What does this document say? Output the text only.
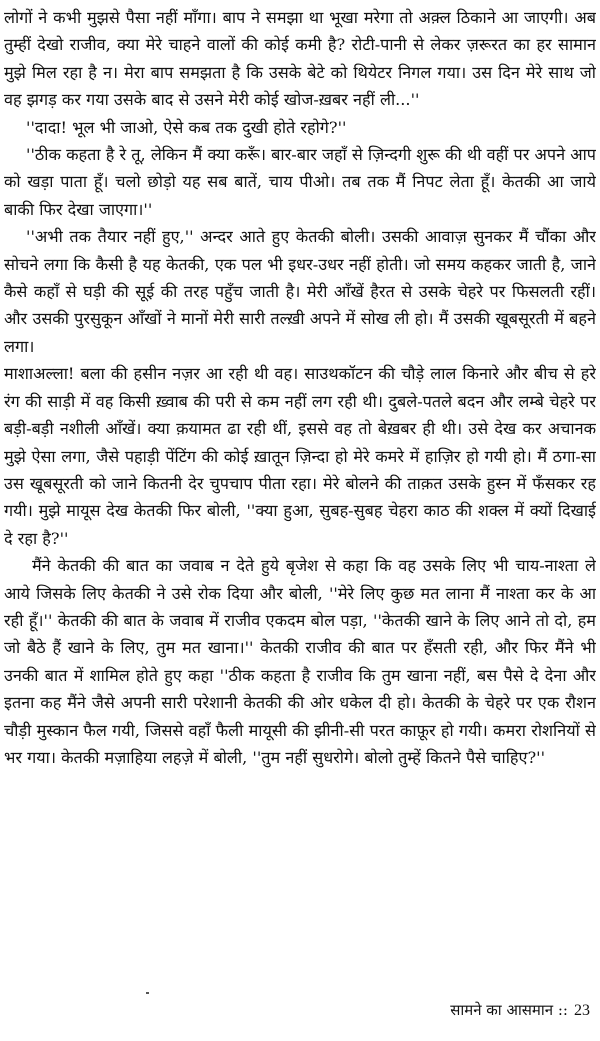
लोगों ने कभी मुझसे पैसा नहीं माँगा। बाप ने समझा था भूखा मरेगा तो अक़्ल ठिकाने आ जाएगी। अब तुम्हीं देखो राजीव, क्या मेरे चाहने वालों की कोई कमी है? रोटी-पानी से लेकर ज़रूरत का हर सामान मुझे मिल रहा है न। मेरा बाप समझता है कि उसके बेटे को थियेटर निगल गया। उस दिन मेरे साथ जो वह झगड़ कर गया उसके बाद से उसने मेरी कोई खोज-ख़बर नहीं ली...''

''दादा! भूल भी जाओ, ऐसे कब तक दुखी होते रहोगे?''

''ठीक कहता है रे तू, लेकिन मैं क्या करूँ। बार-बार जहाँ से ज़िन्दगी शुरू की थी वहीं पर अपने आप को खड़ा पाता हूँ। चलो छोड़ो यह सब बातें, चाय पीओ। तब तक मैं निपट लेता हूँ। केतकी आ जाये बाकी फिर देखा जाएगा।''

''अभी तक तैयार नहीं हुए,'' अन्दर आते हुए केतकी बोली। उसकी आवाज़ सुनकर मैं चौंका और सोचने लगा कि कैसी है यह केतकी, एक पल भी इधर-उधर नहीं होती। जो समय कहकर जाती है, जाने कैसे कहाँ से घड़ी की सूई की तरह पहुँच जाती है। मेरी आँखें हैरत से उसके चेहरे पर फिसलती रहीं। और उसकी पुरसुकून आँखों ने मानों मेरी सारी तल्ख़ी अपने में सोख ली हो। मैं उसकी खूबसूरती में बहने लगा।

माशाअल्ला! बला की हसीन नज़र आ रही थी वह। साउथकॉटन की चौड़े लाल किनारे और बीच से हरे रंग की साड़ी में वह किसी ख़्वाब की परी से कम नहीं लग रही थी। दुबले-पतले बदन और लम्बे चेहरे पर बड़ी-बड़ी नशीली आँखें। क्या क़यामत ढा रही थीं, इससे वह तो बेख़बर ही थी। उसे देख कर अचानक मुझे ऐसा लगा, जैसे पहाड़ी पेंटिंग की कोई ख़ातून ज़िन्दा हो मेरे कमरे में हाज़िर हो गयी हो। मैं ठगा-सा उस खूबसूरती को जाने कितनी देर चुपचाप पीता रहा। मेरे बोलने की ताक़त उसके हुस्न में फँसकर रह गयी। मुझे मायूस देख केतकी फिर बोली, ''क्या हुआ, सुबह-सुबह चेहरा काठ की शक्ल में क्यों दिखाई दे रहा है?''

मैंने केतकी की बात का जवाब न देते हुये बृजेश से कहा कि वह उसके लिए भी चाय-नाश्ता ले आये जिसके लिए केतकी ने उसे रोक दिया और बोली, ''मेरे लिए कुछ मत लाना मैं नाश्ता कर के आ रही हूँ।'' केतकी की बात के जवाब में राजीव एकदम बोल पड़ा, ''केतकी खाने के लिए आने तो दो, हम जो बैठे हैं खाने के लिए, तुम मत खाना।'' केतकी राजीव की बात पर हँसती रही, और फिर मैंने भी उनकी बात में शामिल होते हुए कहा ''ठीक कहता है राजीव कि तुम खाना नहीं, बस पैसे दे देना और इतना कह मैंने जैसे अपनी सारी परेशानी केतकी की ओर धकेल दी हो। केतकी के चेहरे पर एक रौशन चौड़ी मुस्कान फैल गयी, जिससे वहाँ फैली मायूसी की झीनी-सी परत काफ़ूर हो गयी। कमरा रोशनियों से भर गया। केतकी मज़ाहिया लहज़े में बोली, ''तुम नहीं सुधरोगे। बोलो तुम्हें कितने पैसे चाहिए?''

सामने का आसमान :: 23
